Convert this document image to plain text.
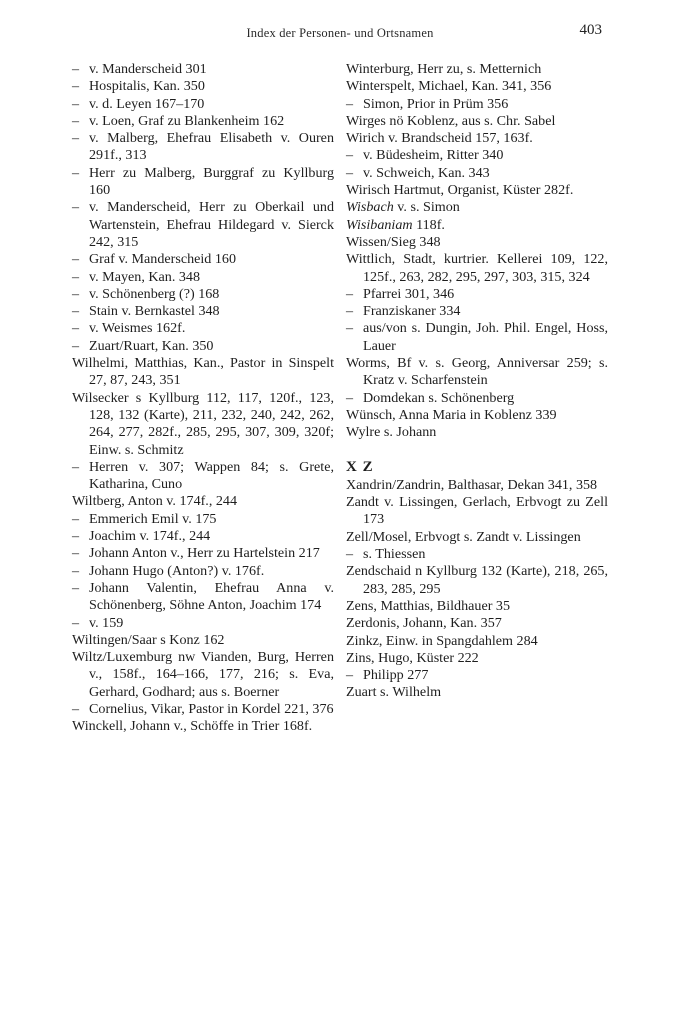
Index der Personen- und Ortsnamen	403

– v. Manderscheid 301

– Hospitalis, Kan. 350

– v. d. Leyen 167–170

– v. Loen, Graf zu Blankenheim 162

– v. Malberg, Ehefrau Elisabeth v. Ouren 291f., 313

– Herr zu Malberg, Burggraf zu Kyllburg 160

– v. Manderscheid, Herr zu Oberkail und Wartenstein, Ehefrau Hildegard v. Sierck 242, 315

– Graf v. Manderscheid 160

– v. Mayen, Kan. 348

– v. Schönenberg (?) 168

– Stain v. Bernkastel 348

– v. Weismes 162f.

– Zuart/Ruart, Kan. 350

Wilhelmi, Matthias, Kan., Pastor in Sinspelt 27, 87, 243, 351

Wilsecker s Kyllburg 112, 117, 120f., 123, 128, 132 (Karte), 211, 232, 240, 242, 262, 264, 277, 282f., 285, 295, 307, 309, 320f; Einw. s. Schmitz

– Herren v. 307; Wappen 84; s. Grete, Katharina, Cuno

Wiltberg, Anton v. 174f., 244

– Emmerich Emil v. 175

– Joachim v. 174f., 244

– Johann Anton v., Herr zu Hartelstein 217

– Johann Hugo (Anton?) v. 176f.

– Johann Valentin, Ehefrau Anna v. Schönenberg, Söhne Anton, Joachim 174

– v. 159

Wiltingen/Saar s Konz 162

Wiltz/Luxemburg nw Vianden, Burg, Herren v., 158f., 164–166, 177, 216; s. Eva, Gerhard, Godhard; aus s. Boerner

– Cornelius, Vikar, Pastor in Kordel 221, 376

Winckell, Johann v., Schöffe in Trier 168f.

Winterburg, Herr zu, s. Metternich

Winterspelt, Michael, Kan. 341, 356

– Simon, Prior in Prüm 356

Wirges nö Koblenz, aus s. Chr. Sabel

Wirich v. Brandscheid 157, 163f.

– v. Büdesheim, Ritter 340

– v. Schweich, Kan. 343

Wirisch Hartmut, Organist, Küster 282f.

Wisbach v. s. Simon

Wisibaniam 118f.

Wissen/Sieg 348

Wittlich, Stadt, kurtrier. Kellerei 109, 122, 125f., 263, 282, 295, 297, 303, 315, 324

– Pfarrei 301, 346

– Franziskaner 334

– aus/von s. Dungin, Joh. Phil. Engel, Hoss, Lauer

Worms, Bf v. s. Georg, Anniversar 259; s. Kratz v. Scharfenstein

– Domdekan s. Schönenberg

Wünsch, Anna Maria in Koblenz 339

Wylre s. Johann

X Z

Xandrin/Zandrin, Balthasar, Dekan 341, 358

Zandt v. Lissingen, Gerlach, Erbvogt zu Zell 173

Zell/Mosel, Erbvogt s. Zandt v. Lissingen

– s. Thiessen

Zendschaid n Kyllburg 132 (Karte), 218, 265, 283, 285, 295

Zens, Matthias, Bildhauer 35

Zerdonis, Johann, Kan. 357

Zinkz, Einw. in Spangdahlem 284

Zins, Hugo, Küster 222

– Philipp 277

Zuart s. Wilhelm
